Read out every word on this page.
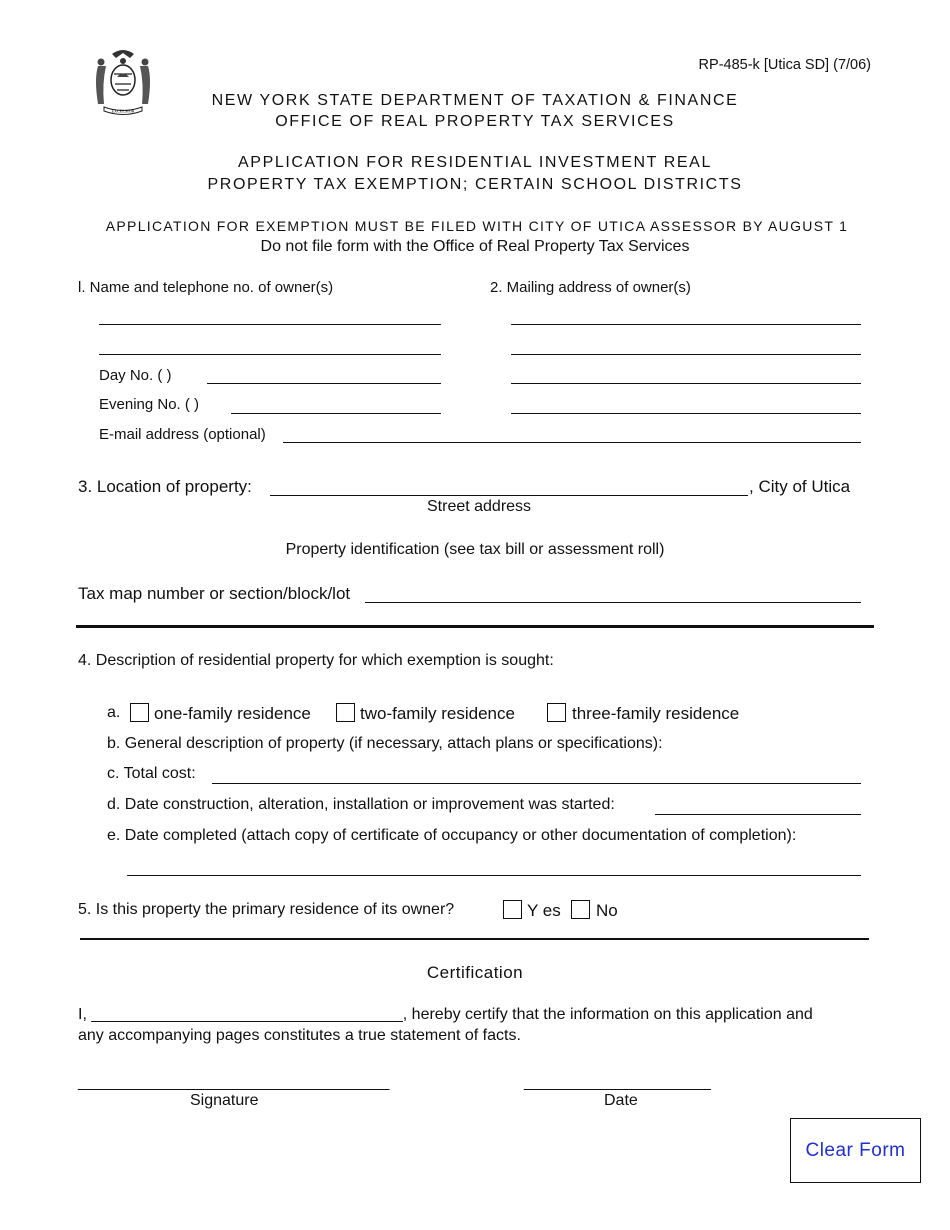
EXCELSIOR
RP-485-k [Utica SD] (7/06)
NEW YORK STATE DEPARTMENT OF TAXATION & FINANCE
OFFICE OF REAL PROPERTY TAX SERVICES
APPLICATION FOR RESIDENTIAL INVESTMENT REAL
PROPERTY TAX EXEMPTION; CERTAIN SCHOOL DISTRICTS
APPLICATION FOR EXEMPTION MUST BE FILED WITH CITY OF UTICA ASSESSOR BY AUGUST 1
Do not file form with the Office of Real Property Tax Services
l. Name and telephone no. of owner(s)
Day No. ( )
Evening No. ( )
E-mail address (optional)
2. Mailing address of owner(s)
3. Location of property:	, City of Utica
Street address
Property identification (see tax bill or assessment roll)
Tax map number or section/block/lot
4. Description of residential property for which exemption is sought:
a. one-family residence	two-family residence	three-family residence
b. General description of property (if necessary, attach plans or specifications):
c. Total cost:
d. Date construction, alteration, installation or improvement was started:
e. Date completed (attach copy of certificate of occupancy or other documentation of completion):
5. Is this property the primary residence of its owner?	Y es No
Certification
I, ___________________________________, hereby certify that the information on this application and
any accompanying pages constitutes a true statement of facts.
___________________________________	_____________________
Signature	Date
Clear Form
